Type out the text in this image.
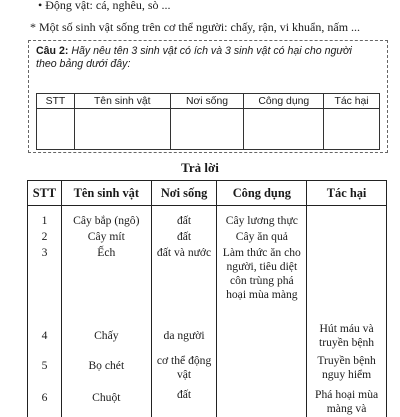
• Động vật: cá, nghêu, sò ...
* Một số sinh vật sống trên cơ thể người: chấy, rận, vi khuẩn, nấm ...
Câu 2: Hãy nêu tên 3 sinh vật có ích và 3 sinh vật có hại cho người theo bảng dưới đây:
STT	Tên sinh vật	Nơi sống	Công dụng	Tác hại

Trả lời
STT	Tên sinh vật	Nơi sống	Công dụng	Tác hại
1	Cây bắp (ngô)	đất	Cây lương thực	
2	Cây mít	đất	Cây ăn quả	
3	Ếch	đất và nước	Làm thức ăn cho người, tiêu diệt côn trùng phá hoại mùa màng	
4	Chấy	da người		Hút máu và truyền bệnh
5	Bọ chét	cơ thể động vật		Truyền bệnh nguy hiểm
6	Chuột	đất		Phá hoại mùa màng và
